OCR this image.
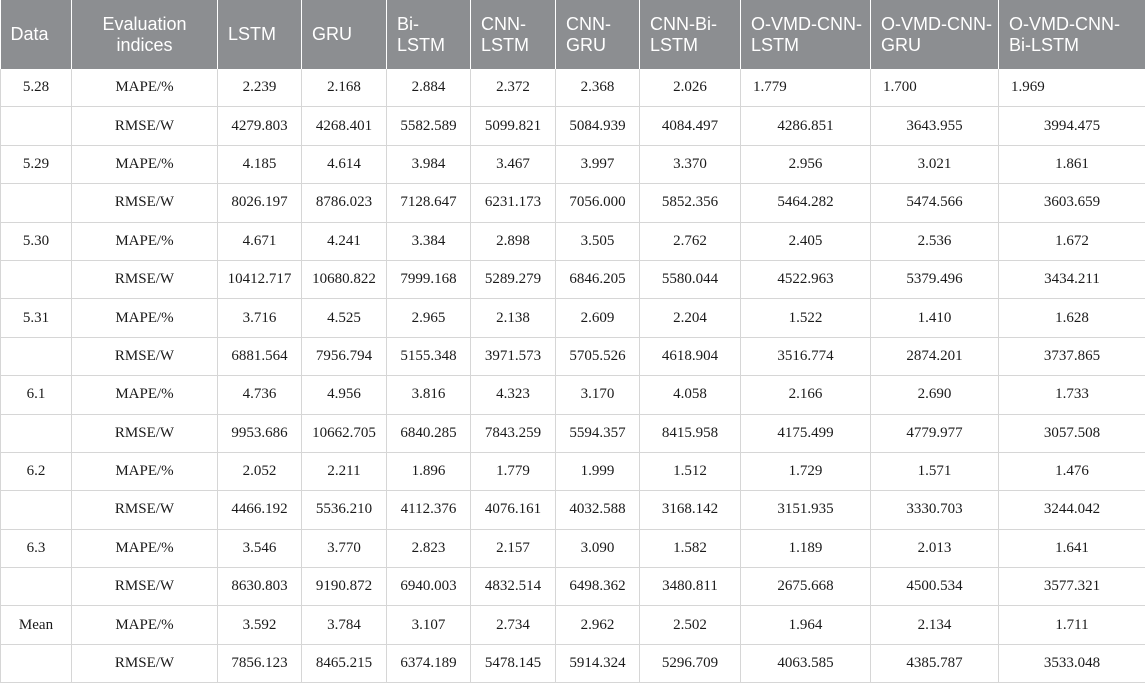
Data	Evaluation indices	LSTM	GRU	Bi-LSTM	CNN-LSTM	CNN-GRU	CNN-Bi-LSTM	O-VMD-CNN-LSTM	O-VMD-CNN-GRU	O-VMD-CNN-Bi-LSTM
5.28	MAPE/%	2.239	2.168	2.884	2.372	2.368	2.026	1.779	1.700	1.969
	RMSE/W	4279.803	4268.401	5582.589	5099.821	5084.939	4084.497	4286.851	3643.955	3994.475
5.29	MAPE/%	4.185	4.614	3.984	3.467	3.997	3.370	2.956	3.021	1.861
	RMSE/W	8026.197	8786.023	7128.647	6231.173	7056.000	5852.356	5464.282	5474.566	3603.659
5.30	MAPE/%	4.671	4.241	3.384	2.898	3.505	2.762	2.405	2.536	1.672
	RMSE/W	10412.717	10680.822	7999.168	5289.279	6846.205	5580.044	4522.963	5379.496	3434.211
5.31	MAPE/%	3.716	4.525	2.965	2.138	2.609	2.204	1.522	1.410	1.628
	RMSE/W	6881.564	7956.794	5155.348	3971.573	5705.526	4618.904	3516.774	2874.201	3737.865
6.1	MAPE/%	4.736	4.956	3.816	4.323	3.170	4.058	2.166	2.690	1.733
	RMSE/W	9953.686	10662.705	6840.285	7843.259	5594.357	8415.958	4175.499	4779.977	3057.508
6.2	MAPE/%	2.052	2.211	1.896	1.779	1.999	1.512	1.729	1.571	1.476
	RMSE/W	4466.192	5536.210	4112.376	4076.161	4032.588	3168.142	3151.935	3330.703	3244.042
6.3	MAPE/%	3.546	3.770	2.823	2.157	3.090	1.582	1.189	2.013	1.641
	RMSE/W	8630.803	9190.872	6940.003	4832.514	6498.362	3480.811	2675.668	4500.534	3577.321
Mean	MAPE/%	3.592	3.784	3.107	2.734	2.962	2.502	1.964	2.134	1.711
	RMSE/W	7856.123	8465.215	6374.189	5478.145	5914.324	5296.709	4063.585	4385.787	3533.048
